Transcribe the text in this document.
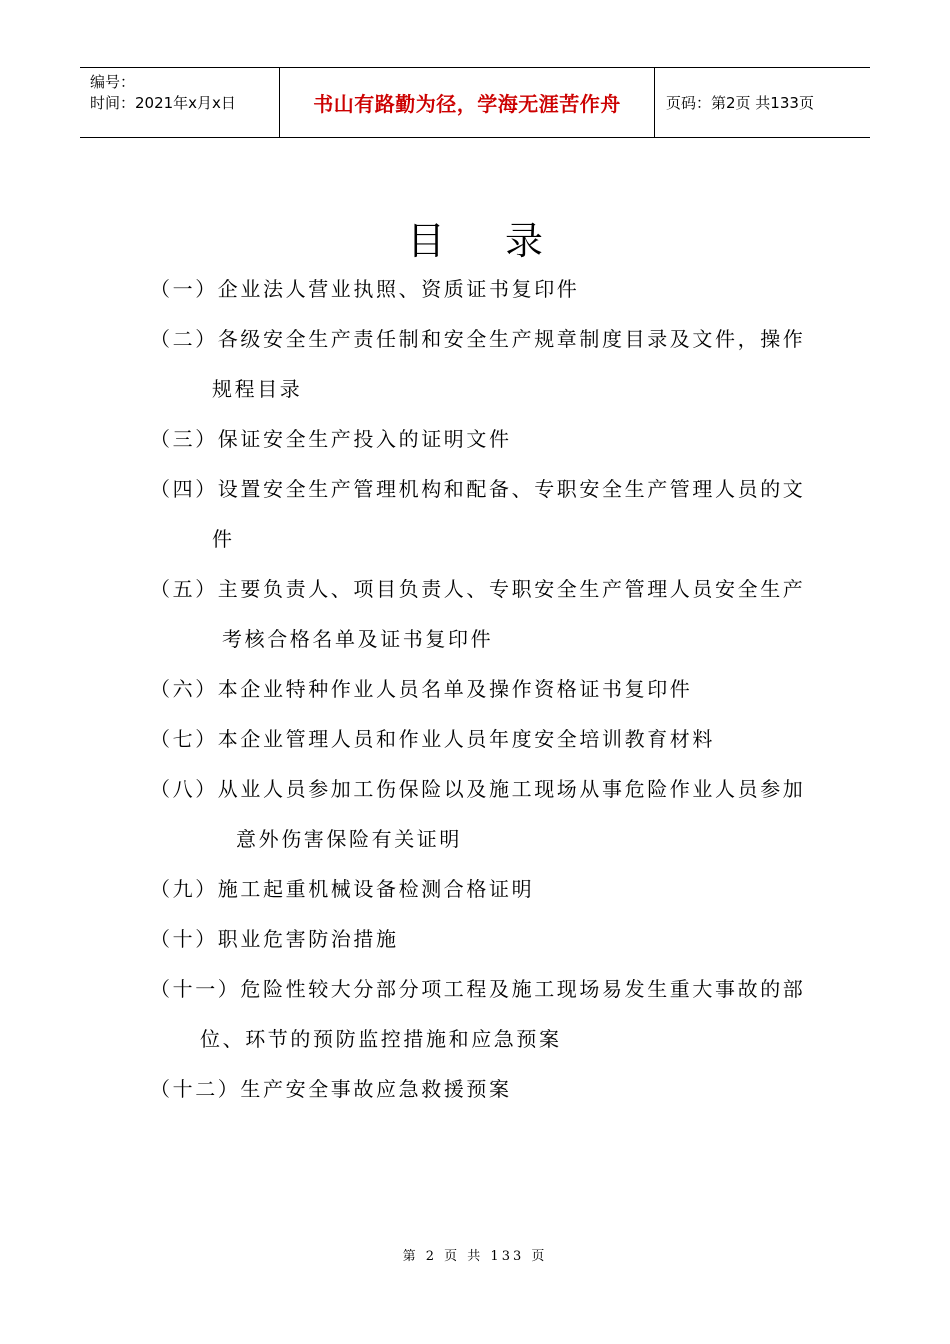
编号：
时间：2021年x月x日	书山有路勤为径，学海无涯苦作舟	页码：第2页 共133页
目录
（一）企业法人营业执照、资质证书复印件
（二）各级安全生产责任制和安全生产规章制度目录及文件，操作
规程目录
（三）保证安全生产投入的证明文件
（四）设置安全生产管理机构和配备、专职安全生产管理人员的文
件
（五）主要负责人、项目负责人、专职安全生产管理人员安全生产
考核合格名单及证书复印件
（六）本企业特种作业人员名单及操作资格证书复印件
（七）本企业管理人员和作业人员年度安全培训教育材料
（八）从业人员参加工伤保险以及施工现场从事危险作业人员参加
意外伤害保险有关证明
（九）施工起重机械设备检测合格证明
（十）职业危害防治措施
（十一）危险性较大分部分项工程及施工现场易发生重大事故的部
位、环节的预防监控措施和应急预案
（十二）生产安全事故应急救援预案
第 2 页 共 133 页
